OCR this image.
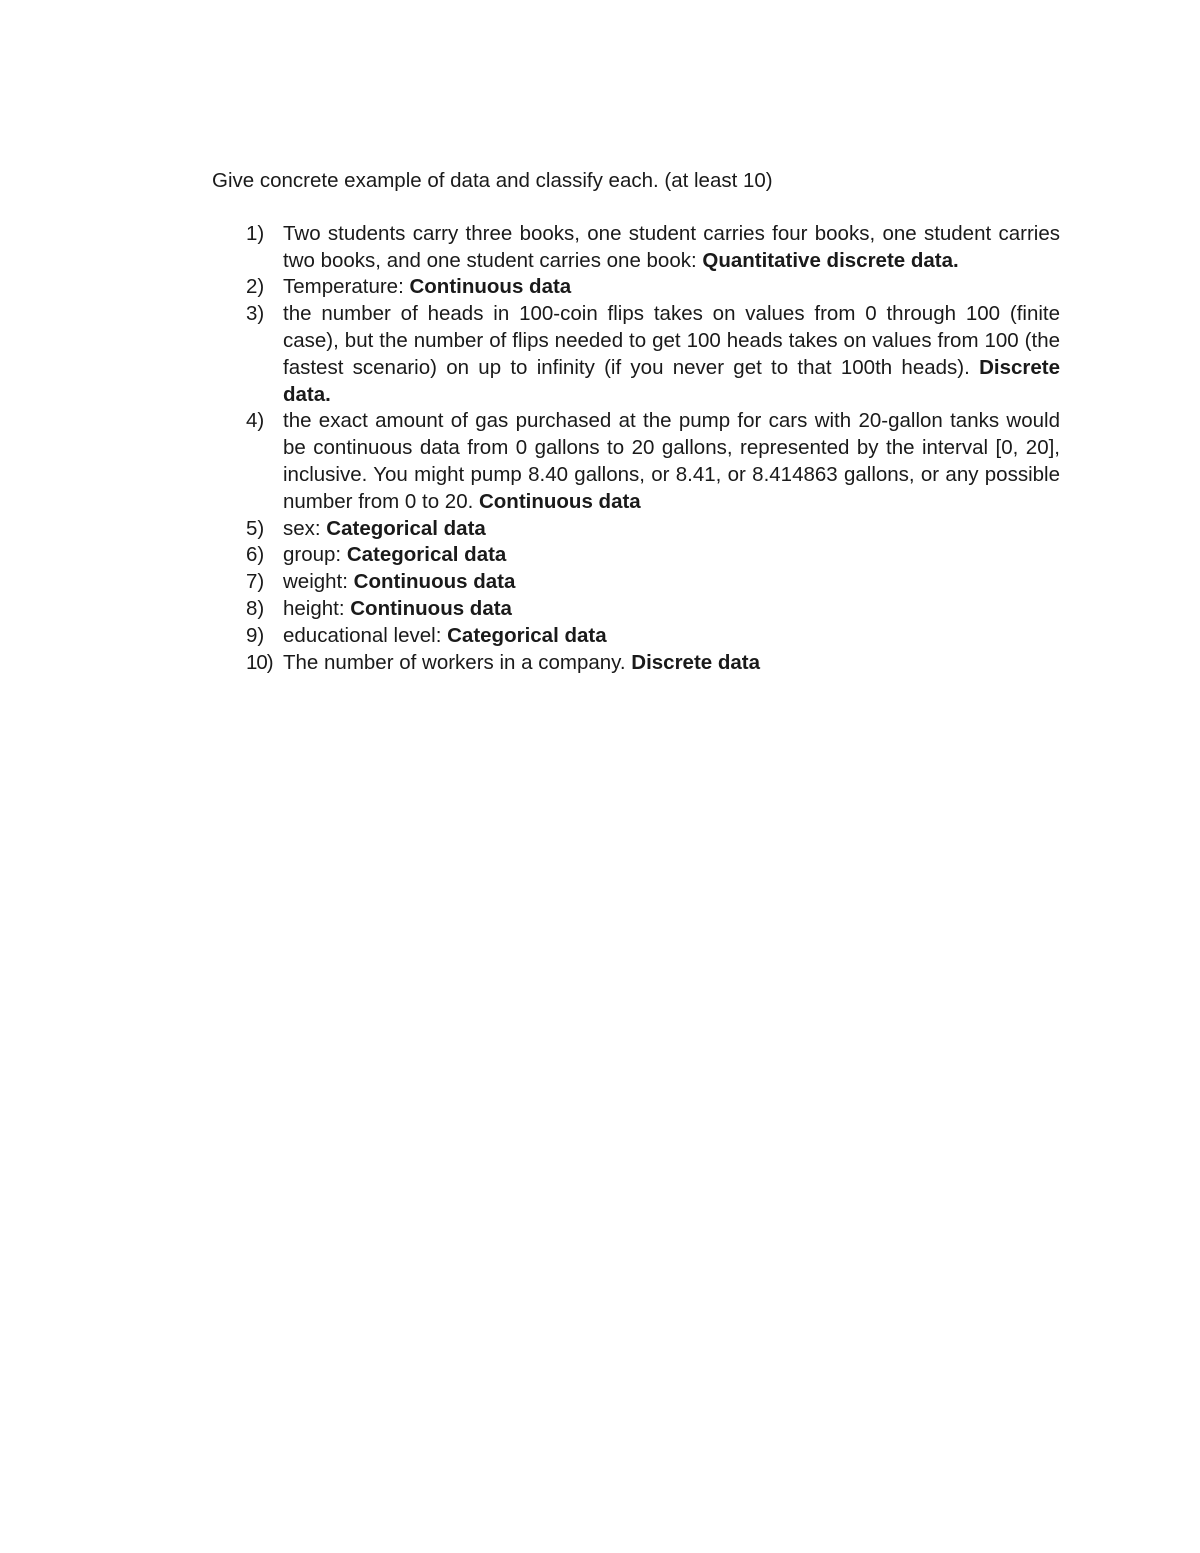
Give concrete example of data and classify each. (at least 10)

1) Two students carry three books, one student carries four books, one student carries two books, and one student carries one book: Quantitative discrete data.
2) Temperature: Continuous data
3) the number of heads in 100-coin flips takes on values from 0 through 100 (finite case), but the number of flips needed to get 100 heads takes on values from 100 (the fastest scenario) on up to infinity (if you never get to that 100th heads). Discrete data.
4) the exact amount of gas purchased at the pump for cars with 20-gallon tanks would be continuous data from 0 gallons to 20 gallons, represented by the interval [0, 20], inclusive. You might pump 8.40 gallons, or 8.41, or 8.414863 gallons, or any possible number from 0 to 20. Continuous data
5) sex: Categorical data
6) group: Categorical data
7) weight: Continuous data
8) height: Continuous data
9) educational level: Categorical data
10) The number of workers in a company. Discrete data
